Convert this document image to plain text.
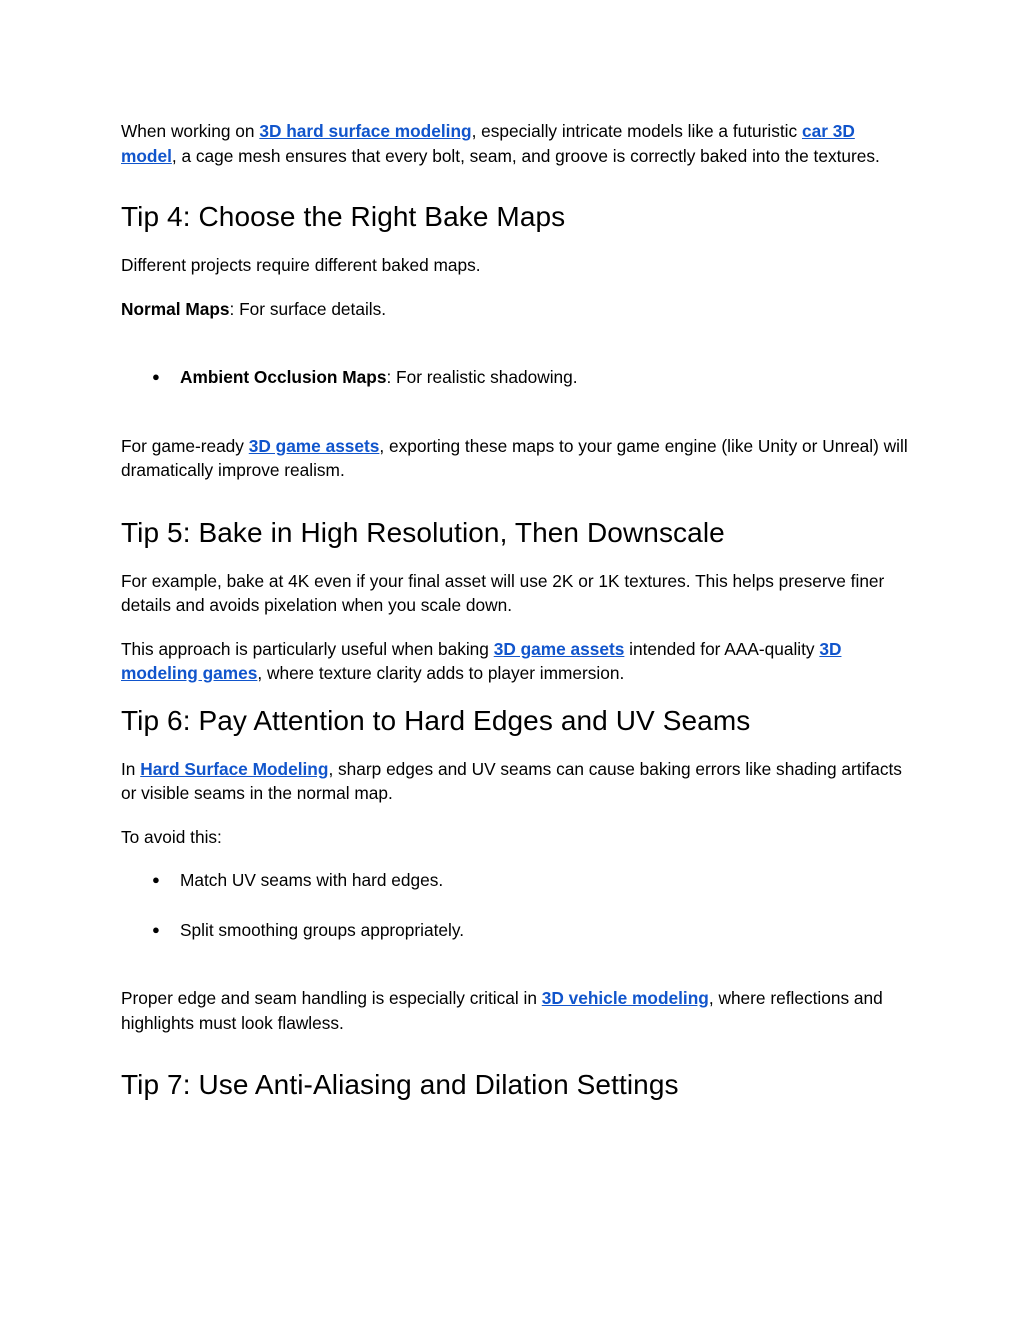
When working on 3D hard surface modeling, especially intricate models like a futuristic car 3D model, a cage mesh ensures that every bolt, seam, and groove is correctly baked into the textures.

Tip 4: Choose the Right Bake Maps

Different projects require different baked maps.

Normal Maps: For surface details.

● Ambient Occlusion Maps: For realistic shadowing.

For game-ready 3D game assets, exporting these maps to your game engine (like Unity or Unreal) will dramatically improve realism.

Tip 5: Bake in High Resolution, Then Downscale

For example, bake at 4K even if your final asset will use 2K or 1K textures. This helps preserve finer details and avoids pixelation when you scale down.

This approach is particularly useful when baking 3D game assets intended for AAA-quality 3D modeling games, where texture clarity adds to player immersion.

Tip 6: Pay Attention to Hard Edges and UV Seams

In Hard Surface Modeling, sharp edges and UV seams can cause baking errors like shading artifacts or visible seams in the normal map.

To avoid this:

● Match UV seams with hard edges.
● Split smoothing groups appropriately.

Proper edge and seam handling is especially critical in 3D vehicle modeling, where reflections and highlights must look flawless.

Tip 7: Use Anti-Aliasing and Dilation Settings
